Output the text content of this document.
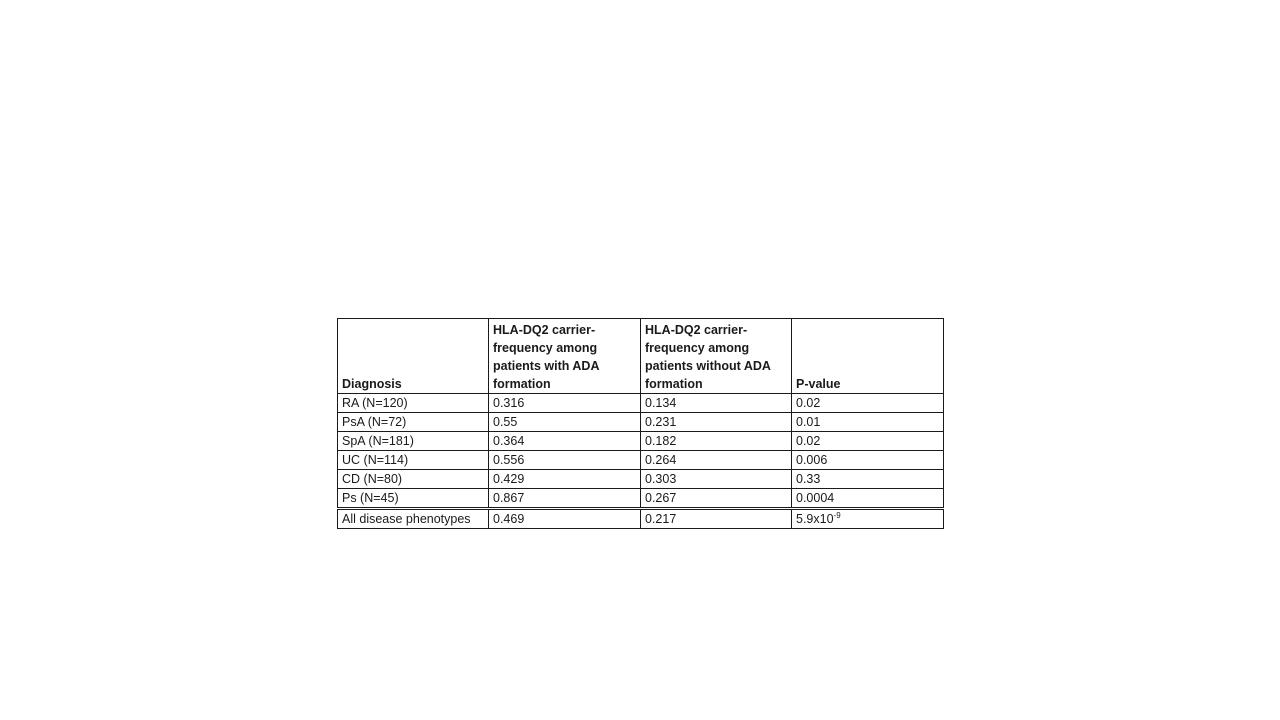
Diagnosis	HLA-DQ2 carrier-
frequency among
patients with ADA
formation	HLA-DQ2 carrier-
frequency among
patients without ADA
formation	P-value
RA (N=120)	0.316	0.134	0.02
PsA (N=72)	0.55	0.231	0.01
SpA (N=181)	0.364	0.182	0.02
UC (N=114)	0.556	0.264	0.006
CD (N=80)	0.429	0.303	0.33
Ps (N=45)	0.867	0.267	0.0004
All disease phenotypes	0.469	0.217	$5.9x10^{-9}$
